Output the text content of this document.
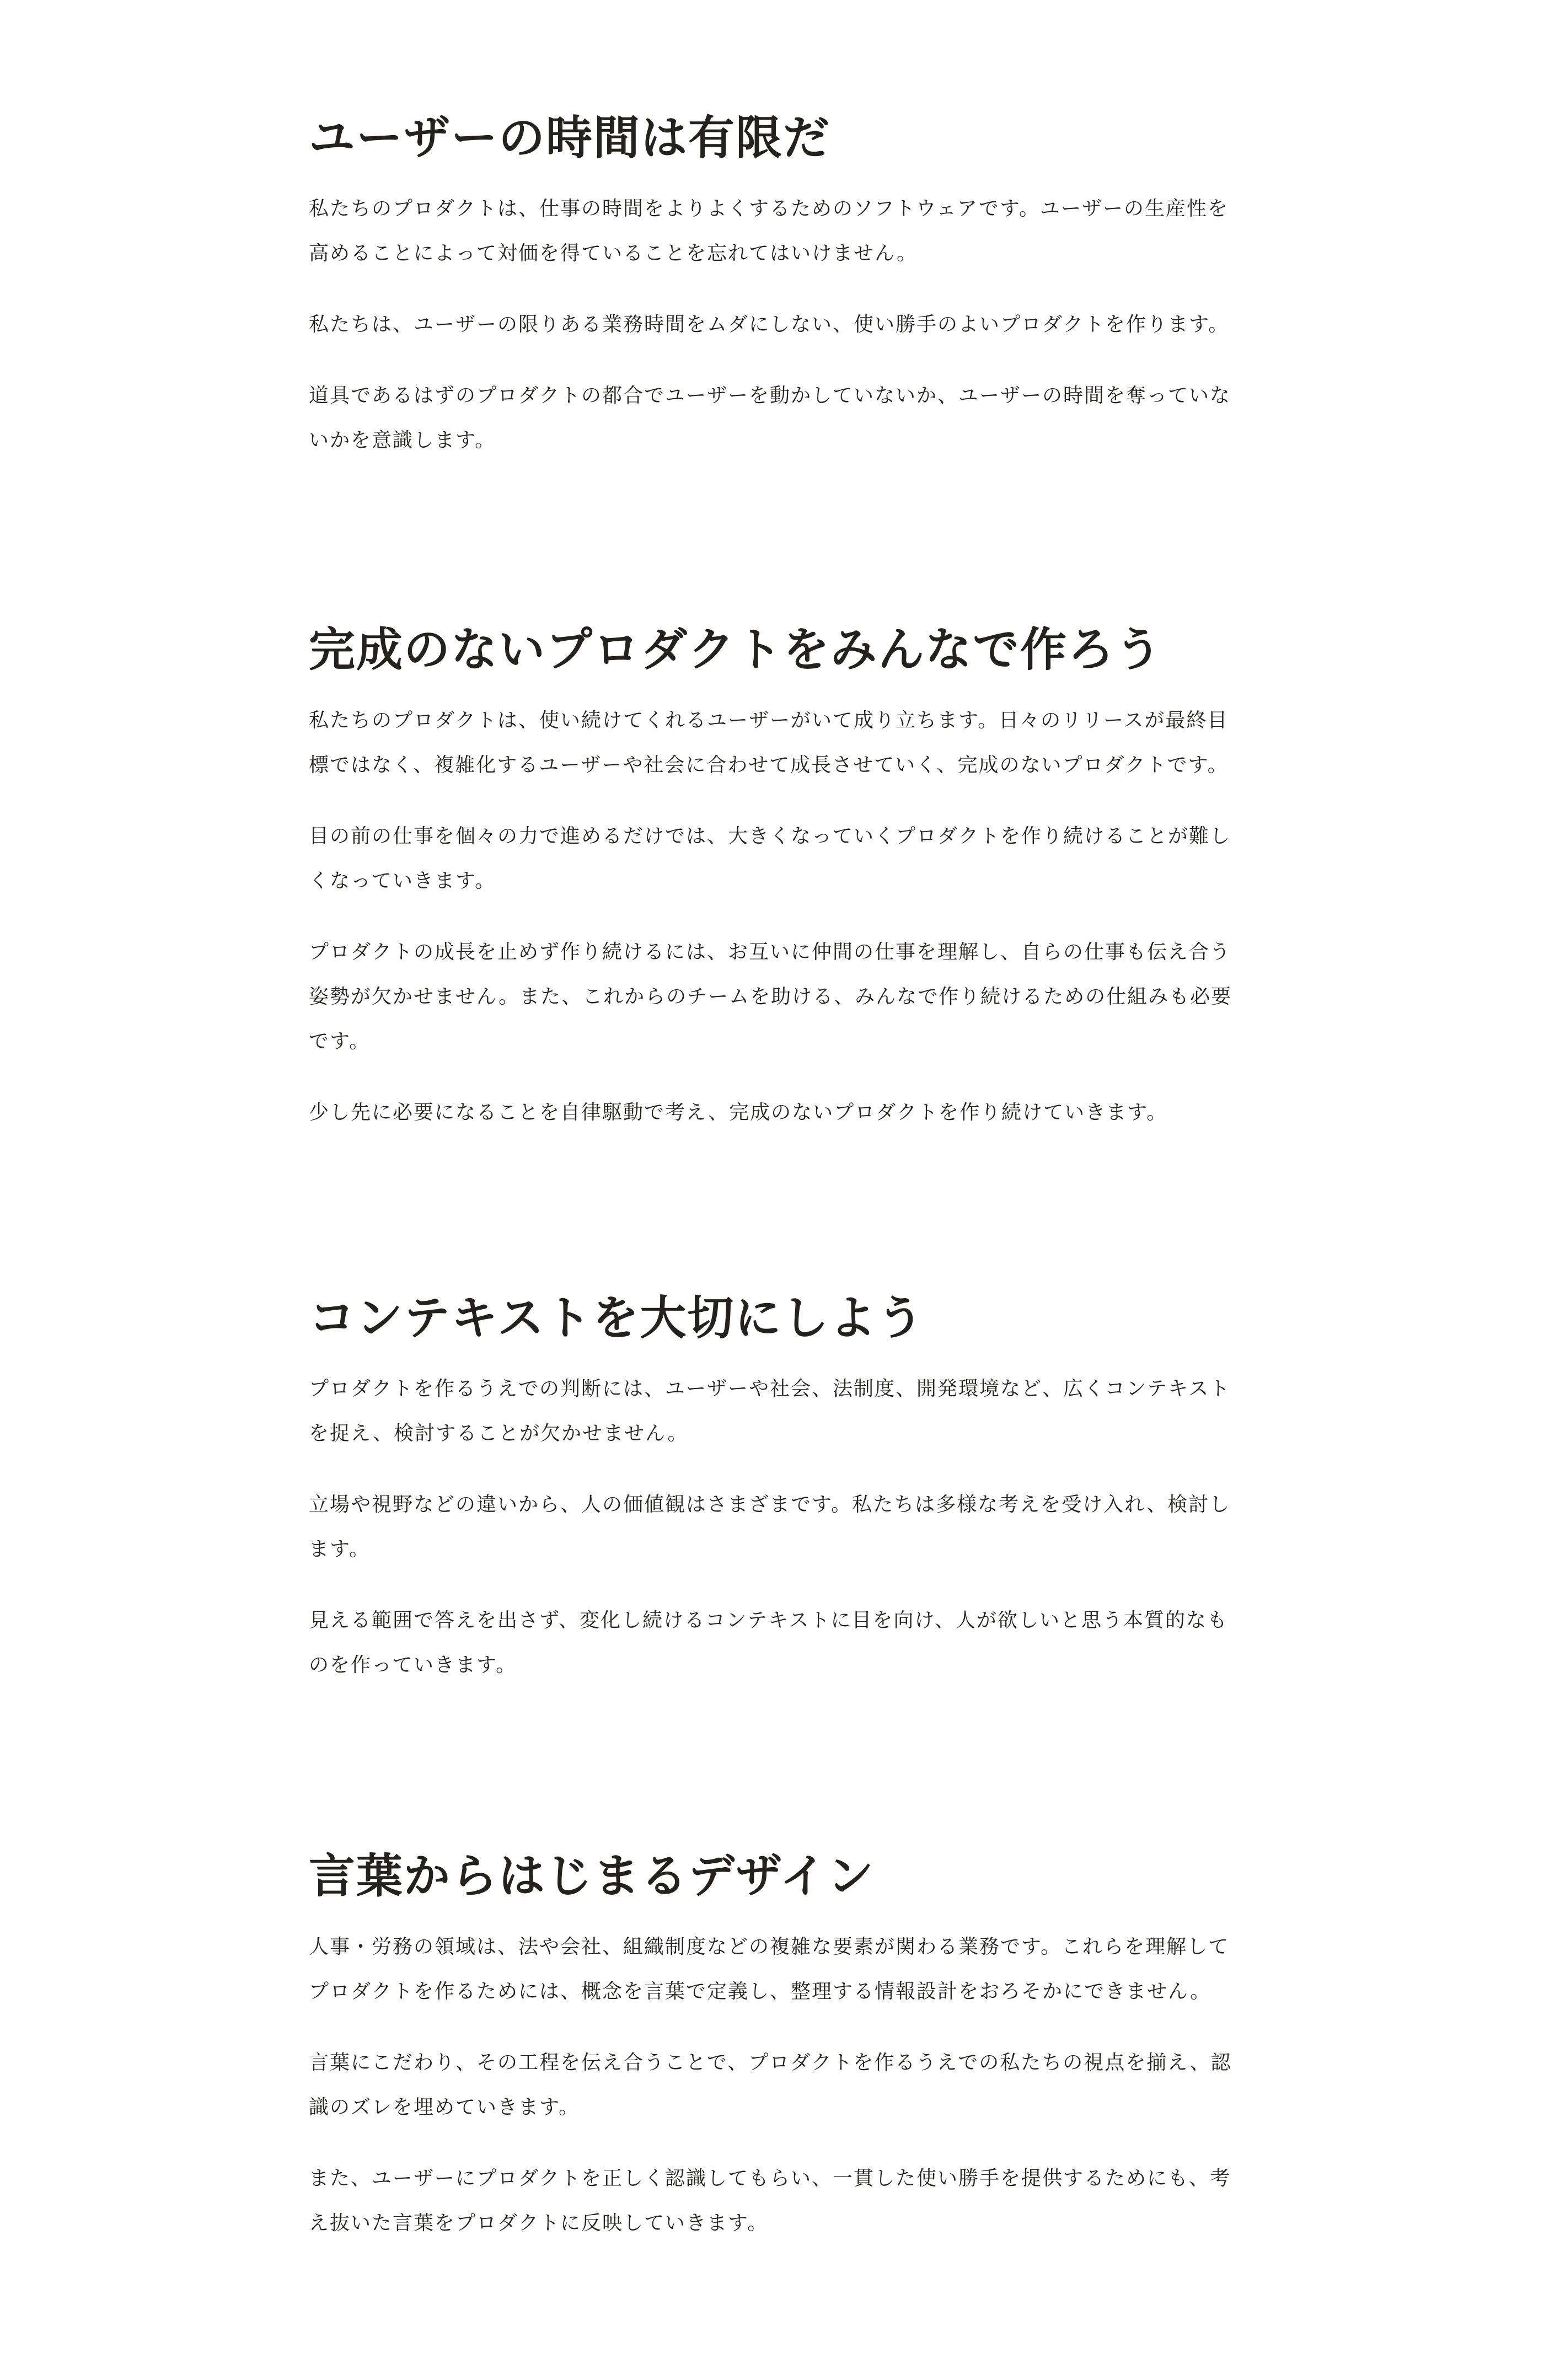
ユーザーの時間は有限だ

私たちのプロダクトは、仕事の時間をよりよくするためのソフトウェアです。ユーザーの生産性を高めることによって対価を得ていることを忘れてはいけません。

私たちは、ユーザーの限りある業務時間をムダにしない、使い勝手のよいプロダクトを作ります。

道具であるはずのプロダクトの都合でユーザーを動かしていないか、ユーザーの時間を奪っていないかを意識します。

完成のないプロダクトをみんなで作ろう

私たちのプロダクトは、使い続けてくれるユーザーがいて成り立ちます。日々のリリースが最終目標ではなく、複雑化するユーザーや社会に合わせて成長させていく、完成のないプロダクトです。

目の前の仕事を個々の力で進めるだけでは、大きくなっていくプロダクトを作り続けることが難しくなっていきます。

プロダクトの成長を止めず作り続けるには、お互いに仲間の仕事を理解し、自らの仕事も伝え合う姿勢が欠かせません。また、これからのチームを助ける、みんなで作り続けるための仕組みも必要です。

少し先に必要になることを自律駆動で考え、完成のないプロダクトを作り続けていきます。

コンテキストを大切にしよう

プロダクトを作るうえでの判断には、ユーザーや社会、法制度、開発環境など、広くコンテキストを捉え、検討することが欠かせません。

立場や視野などの違いから、人の価値観はさまざまです。私たちは多様な考えを受け入れ、検討します。

見える範囲で答えを出さず、変化し続けるコンテキストに目を向け、人が欲しいと思う本質的なものを作っていきます。

言葉からはじまるデザイン

人事・労務の領域は、法や会社、組織制度などの複雑な要素が関わる業務です。これらを理解してプロダクトを作るためには、概念を言葉で定義し、整理する情報設計をおろそかにできません。

言葉にこだわり、その工程を伝え合うことで、プロダクトを作るうえでの私たちの視点を揃え、認識のズレを埋めていきます。

また、ユーザーにプロダクトを正しく認識してもらい、一貫した使い勝手を提供するためにも、考え抜いた言葉をプロダクトに反映していきます。
